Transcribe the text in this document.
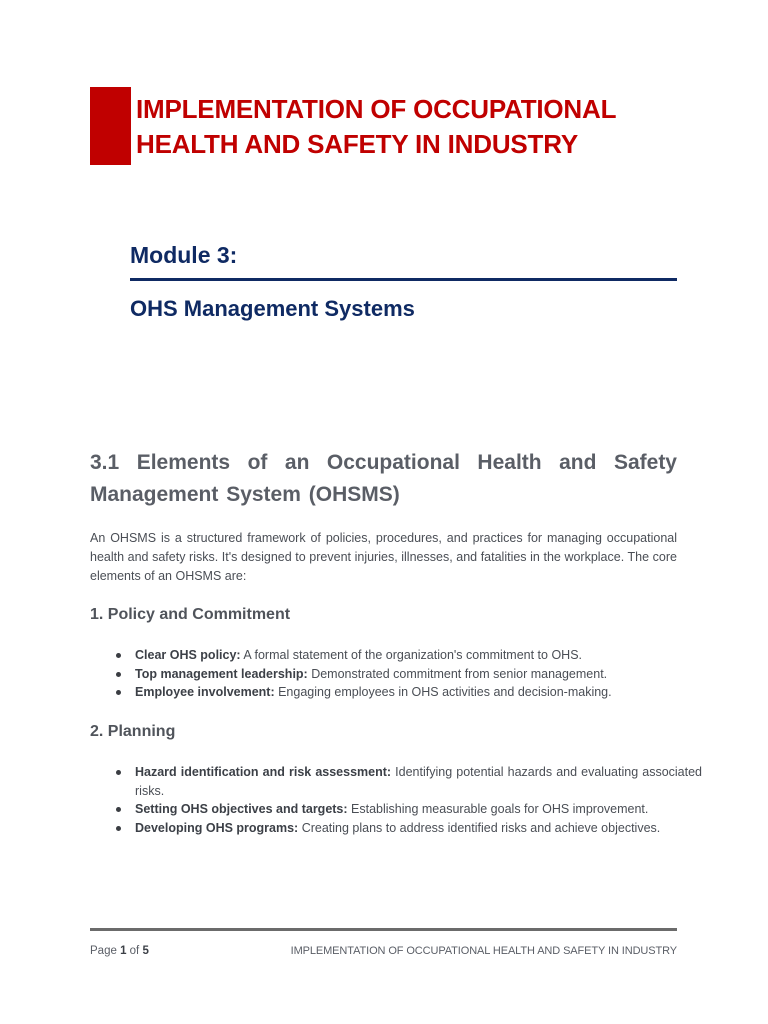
IMPLEMENTATION OF OCCUPATIONAL
HEALTH AND SAFETY IN INDUSTRY
Module 3:
OHS Management Systems
3.1 Elements of an Occupational Health and Safety Management System (OHSMS)

An OHSMS is a structured framework of policies, procedures, and practices for managing occupational health and safety risks. It's designed to prevent injuries, illnesses, and fatalities in the workplace. The core elements of an OHSMS are:

1. Policy and Commitment
Clear OHS policy: A formal statement of the organization's commitment to OHS.
Top management leadership: Demonstrated commitment from senior management.
Employee involvement: Engaging employees in OHS activities and decision-making.
2. Planning
Hazard identification and risk assessment: Identifying potential hazards and evaluating associated risks.
Setting OHS objectives and targets: Establishing measurable goals for OHS improvement.
Developing OHS programs: Creating plans to address identified risks and achieve objectives.
Page 1 of 5	IMPLEMENTATION OF OCCUPATIONAL HEALTH AND SAFETY IN INDUSTRY
